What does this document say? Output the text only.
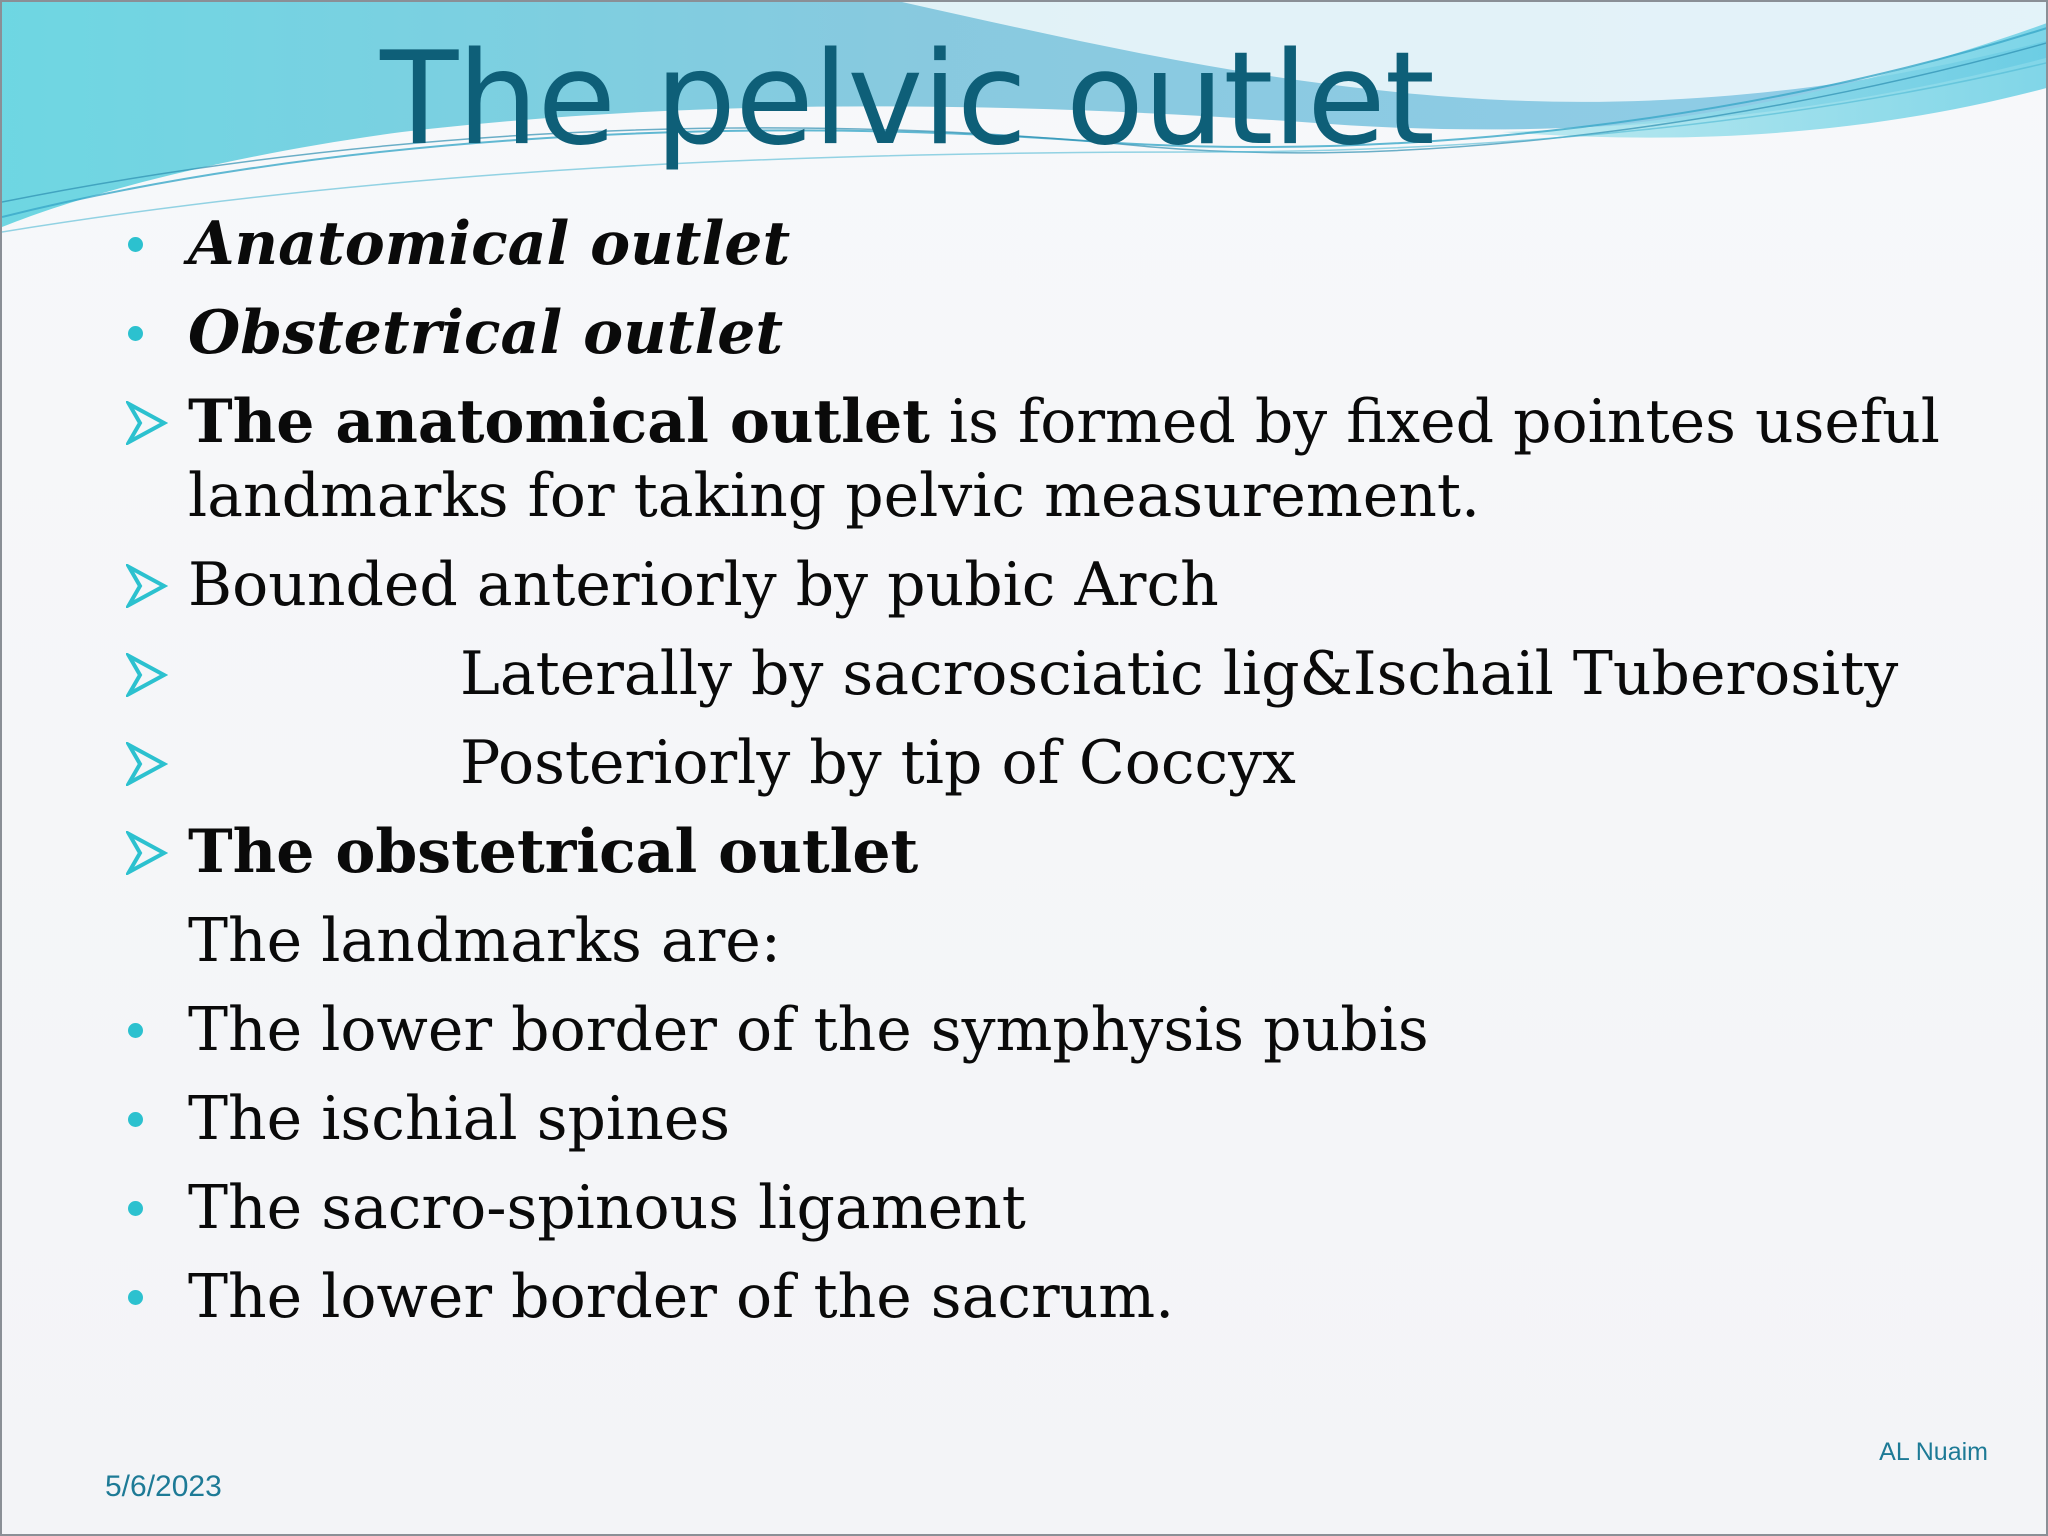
The pelvic outlet
Anatomical outlet
Obstetrical outlet
The anatomical outlet is formed by fixed pointes useful landmarks for taking pelvic measurement.
Bounded anteriorly by pubic Arch
Laterally by sacrosciatic lig&Ischail Tuberosity
Posteriorly by tip of Coccyx
The obstetrical outlet
The landmarks are:
The lower border of the symphysis pubis
The ischial spines
The sacro-spinous ligament
The lower border of the sacrum.
AL Nuaim
5/6/2023
